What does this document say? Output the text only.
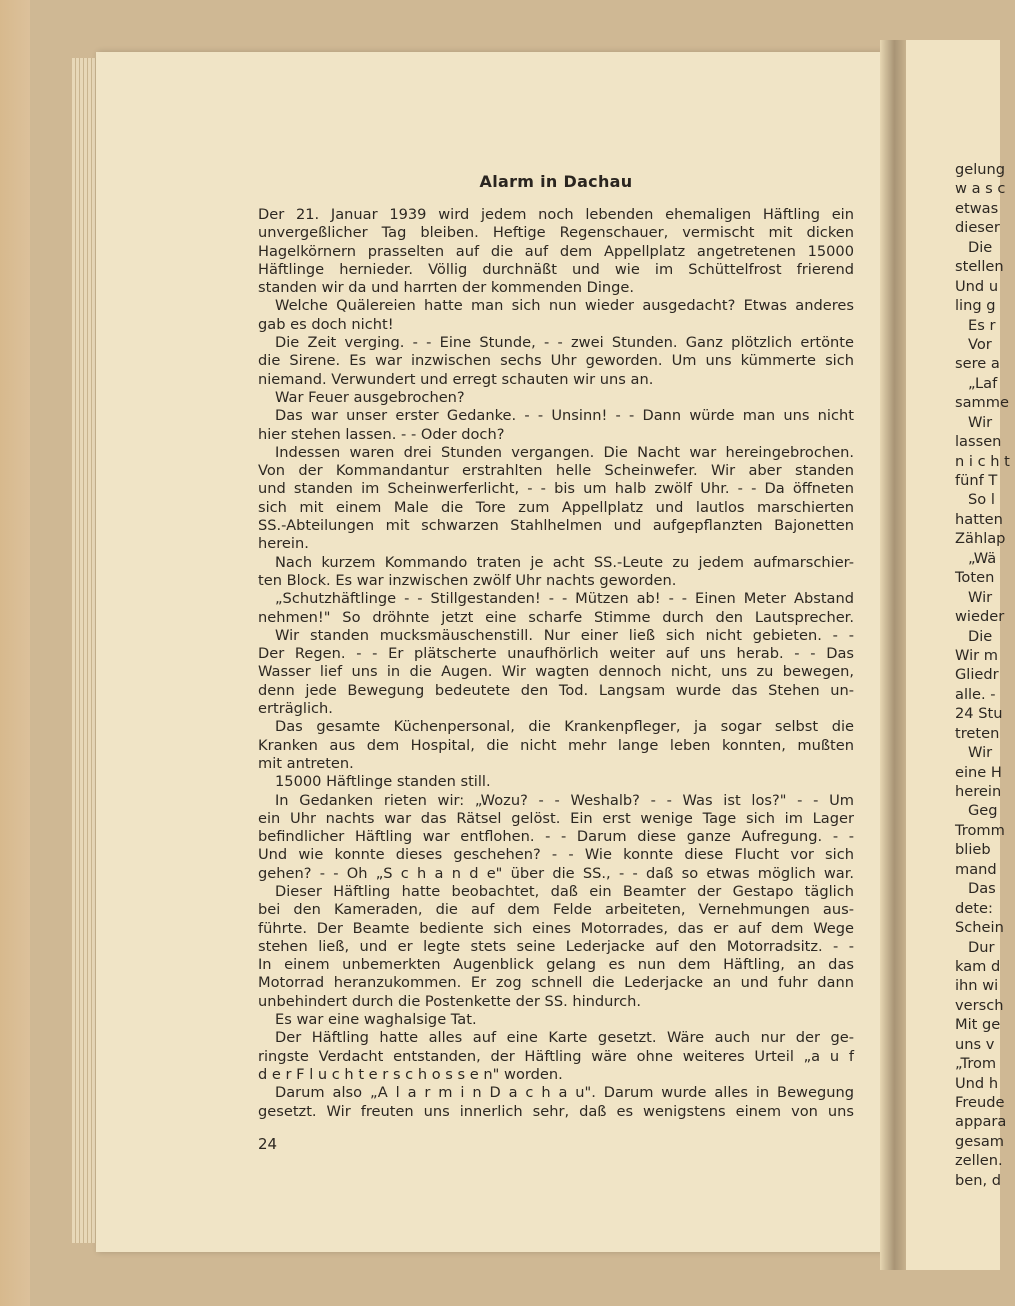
Alarm in Dachau
Der 21. Januar 1939 wird jedem noch lebenden ehemaligen Häftling ein
unvergeßlicher Tag bleiben. Heftige Regenschauer, vermischt mit dicken
Hagelkörnern prasselten auf die auf dem Appellplatz angetretenen 15000
Häftlinge hernieder. Völlig durchnäßt und wie im Schüttelfrost frierend
standen wir da und harrten der kommenden Dinge.
Welche Quälereien hatte man sich nun wieder ausgedacht? Etwas anderes
gab es doch nicht!
Die Zeit verging. - - Eine Stunde, - - zwei Stunden. Ganz plötzlich ertönte
die Sirene. Es war inzwischen sechs Uhr geworden. Um uns kümmerte sich
niemand. Verwundert und erregt schauten wir uns an.
War Feuer ausgebrochen?
Das war unser erster Gedanke. - - Unsinn! - - Dann würde man uns nicht
hier stehen lassen. - - Oder doch?
Indessen waren drei Stunden vergangen. Die Nacht war hereingebrochen.
Von der Kommandantur erstrahlten helle Scheinwefer. Wir aber standen
und standen im Scheinwerferlicht, - - bis um halb zwölf Uhr. - - Da öffneten
sich mit einem Male die Tore zum Appellplatz und lautlos marschierten
SS.-Abteilungen mit schwarzen Stahlhelmen und aufgepflanzten Bajonetten
herein.
Nach kurzem Kommando traten je acht SS.-Leute zu jedem aufmarschier-
ten Block. Es war inzwischen zwölf Uhr nachts geworden.
„Schutzhäftlinge - - Stillgestanden! - - Mützen ab! - - Einen Meter Abstand
nehmen!" So dröhnte jetzt eine scharfe Stimme durch den Lautsprecher.
Wir standen mucksmäuschenstill. Nur einer ließ sich nicht gebieten. - -
Der Regen. - - Er plätscherte unaufhörlich weiter auf uns herab. - - Das
Wasser lief uns in die Augen. Wir wagten dennoch nicht, uns zu bewegen,
denn jede Bewegung bedeutete den Tod. Langsam wurde das Stehen un-
erträglich.
Das gesamte Küchenpersonal, die Krankenpfleger, ja sogar selbst die
Kranken aus dem Hospital, die nicht mehr lange leben konnten, mußten
mit antreten.
15000 Häftlinge standen still.
In Gedanken rieten wir: „Wozu? - - Weshalb? - - Was ist los?" - - Um
ein Uhr nachts war das Rätsel gelöst. Ein erst wenige Tage sich im Lager
befindlicher Häftling war entflohen. - - Darum diese ganze Aufregung. - -
Und wie konnte dieses geschehen? - - Wie konnte diese Flucht vor sich
gehen? - - Oh „S c h a n d e" über die SS., - - daß so etwas möglich war.
Dieser Häftling hatte beobachtet, daß ein Beamter der Gestapo täglich
bei den Kameraden, die auf dem Felde arbeiteten, Vernehmungen aus-
führte. Der Beamte bediente sich eines Motorrades, das er auf dem Wege
stehen ließ, und er legte stets seine Lederjacke auf den Motorradsitz. - -
In einem unbemerkten Augenblick gelang es nun dem Häftling, an das
Motorrad heranzukommen. Er zog schnell die Lederjacke an und fuhr dann
unbehindert durch die Postenkette der SS. hindurch.
Es war eine waghalsige Tat.
Der Häftling hatte alles auf eine Karte gesetzt. Wäre auch nur der ge-
ringste Verdacht entstanden, der Häftling wäre ohne weiteres Urteil „a u f
d e r F l u c h t e r s c h o s s e n" worden.
Darum also „A l a r m i n D a c h a u". Darum wurde alles in Bewegung
gesetzt. Wir freuten uns innerlich sehr, daß es wenigstens einem von uns
24
gelung
w a s c
etwas
dieser
Die
stellen
Und u
ling g
Es r
Vor
sere a
„Laf
samme
Wir
lassen
n i c h t
fünf T
So l
hatten
Zählap
„Wä
Toten
Wir
wieder
Die
Wir m
Gliedr
alle. -
24 Stu
treten
Wir
eine H
herein
Geg
Tromm
blieb
mand
Das
dete:
Schein
Dur
kam d
ihn wi
versch
Mit ge
uns v
„Trom
Und h
Freude
appara
gesam
zellen.
ben, d
